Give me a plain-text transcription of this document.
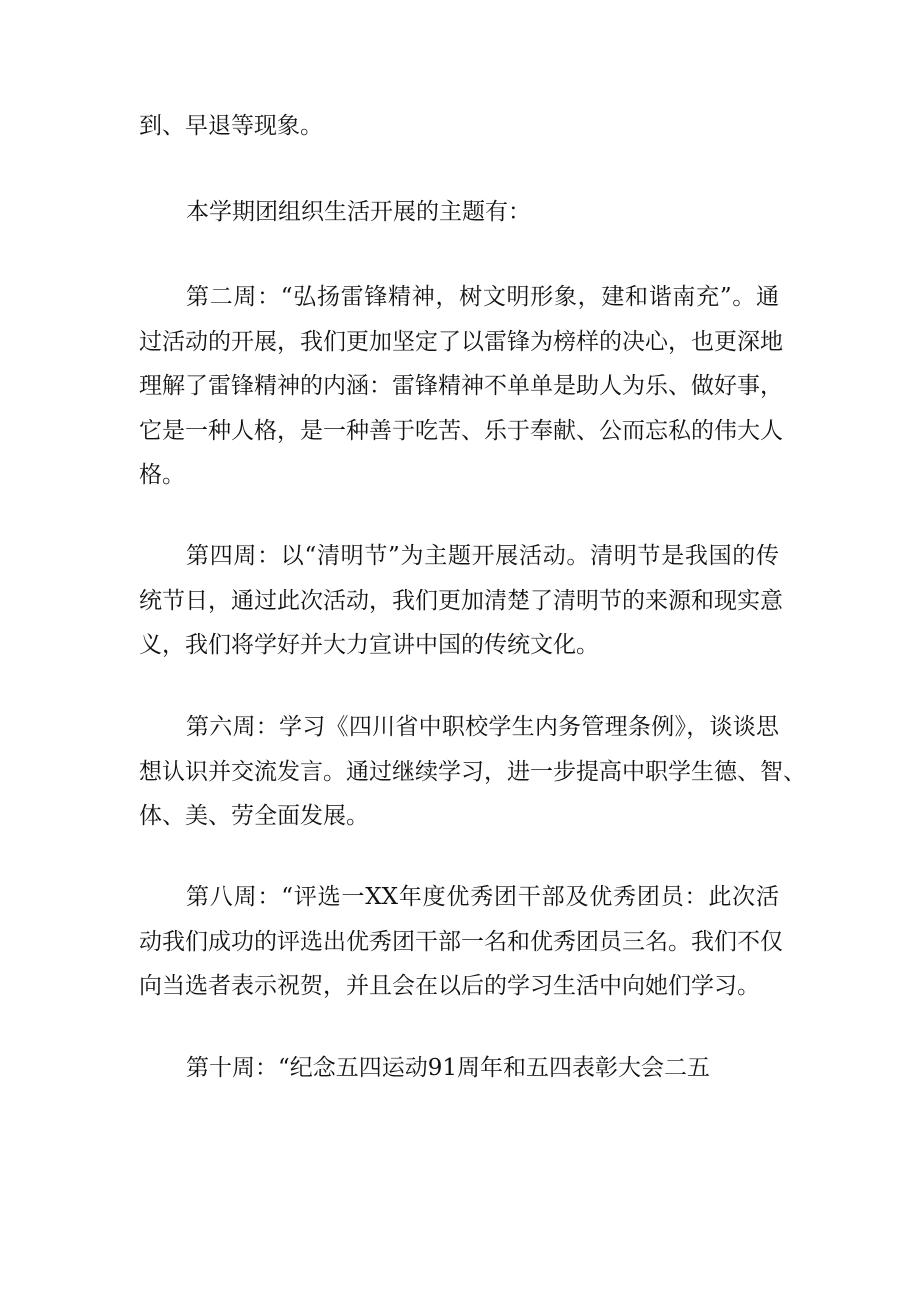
到、早退等现象。
本学期团组织生活开展的主题有：
第二周：“弘扬雷锋精神，树文明形象，建和谐南充”。通
过活动的开展，我们更加坚定了以雷锋为榜样的决心，也更深地
理解了雷锋精神的内涵：雷锋精神不单单是助人为乐、做好事，
它是一种人格，是一种善于吃苦、乐于奉献、公而忘私的伟大人
格。
第四周：以“清明节”为主题开展活动。清明节是我国的传
统节日，通过此次活动，我们更加清楚了清明节的来源和现实意
义，我们将学好并大力宣讲中国的传统文化。
第六周：学习《四川省中职校学生内务管理条例》，谈谈思
想认识并交流发言。通过继续学习，进一步提高中职学生德、智、
体、美、劳全面发展。
第八周：“评选一XX年度优秀团干部及优秀团员：此次活
动我们成功的评选出优秀团干部一名和优秀团员三名。我们不仅
向当选者表示祝贺，并且会在以后的学习生活中向她们学习。
第十周：“纪念五四运动91周年和五四表彰大会二五
